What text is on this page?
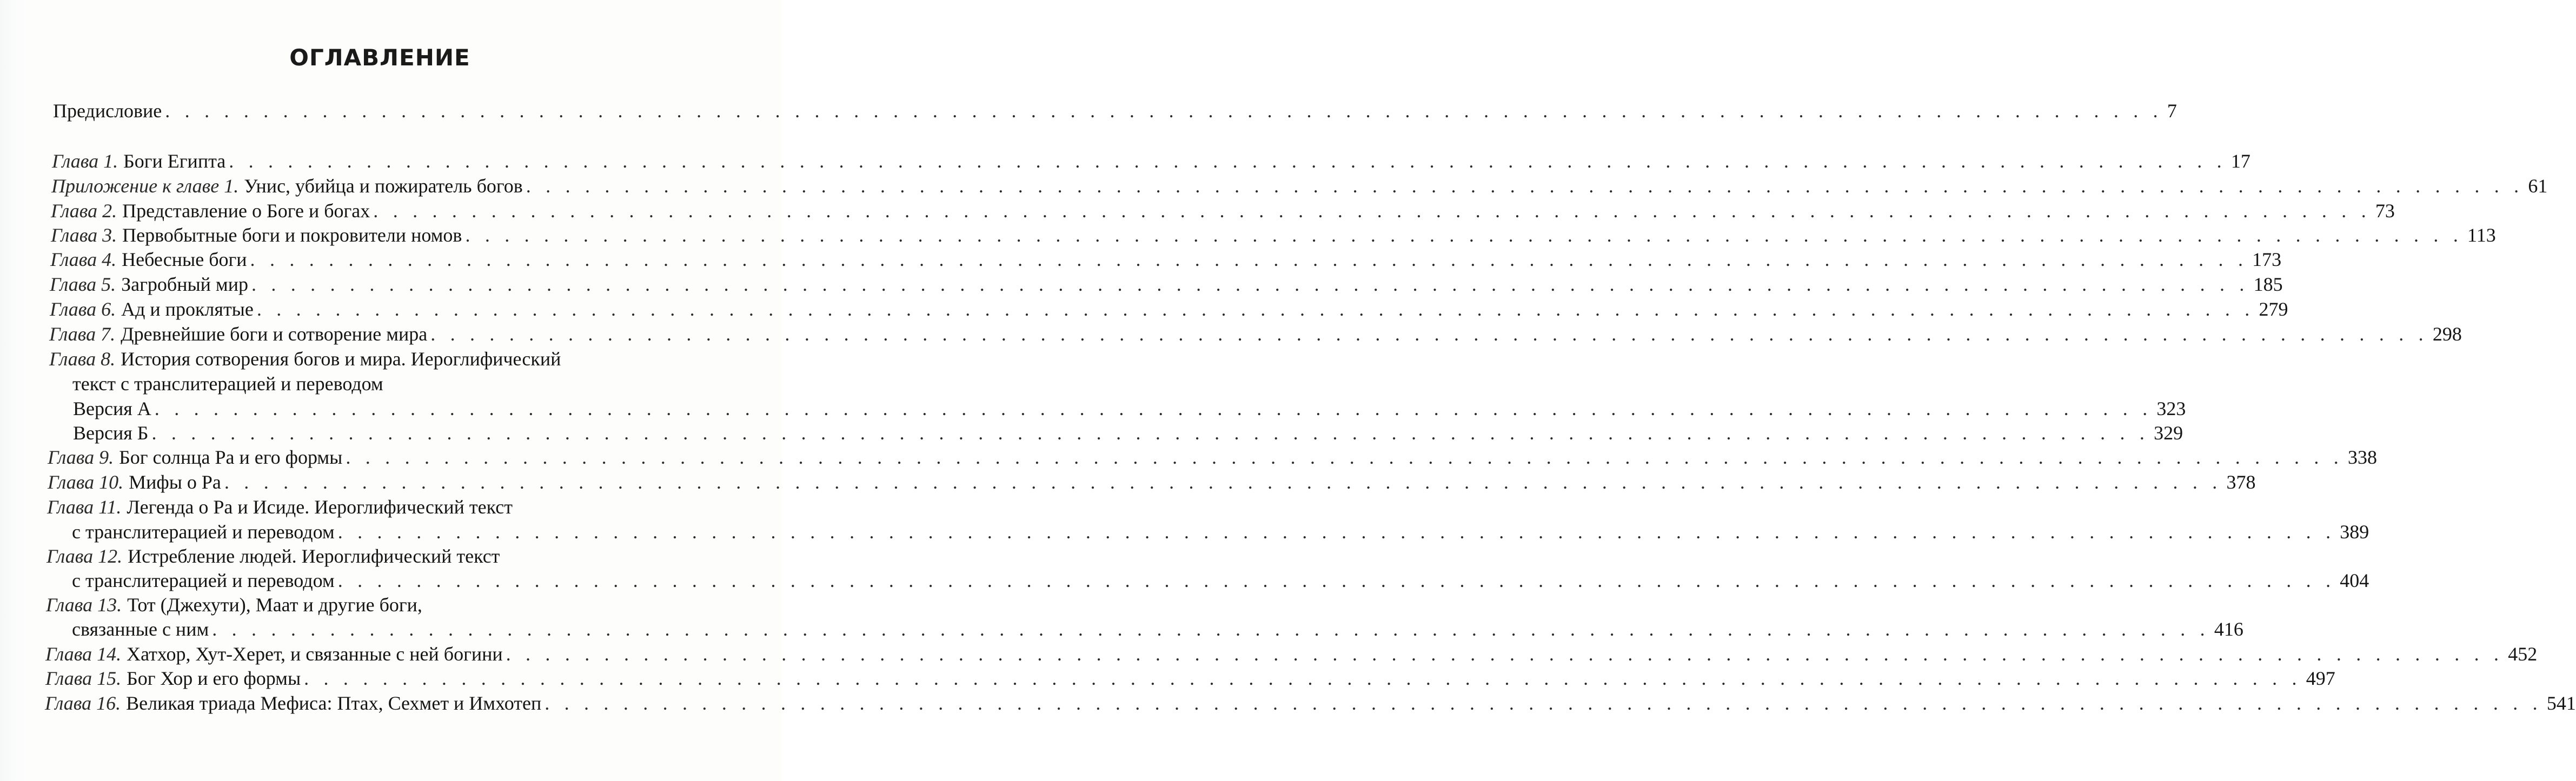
ОГЛАВЛЕНИЕ
Предисловие . . . . . . . . . . . . . . . . . . . . . . . . . . . . . . . . . . . . . . . . . . . . . . . . . . . . . . . . . . . . . . . . . . . . . . . . . . . . . . . . . . . . . . . . . . . . . . . . . . . . . . 7
Глава 1. Боги Египта . . . . . . . . . . . . . . . . . . . . . . . . . . . . . . . . . . . . . . . . . . . . . . . . . . . . . . . . . . . . . . . . . . . . . . . . . . . . . . . . . . . . . . . . . . . . . . . . . . . . . . 17
Приложение к главе 1. Унис, убийца и пожиратель богов . . . . . . . . . . . . . . . . . . . . . . . . . . . . . . . . . . . . . . . . . . . . . . . . . . . . . . . . . . . . . . . . . . . . . . . . . . . . . . . . . . . . . . . . . . . . . . . . . . . . . . 61
Глава 2. Представление о Боге и богах . . . . . . . . . . . . . . . . . . . . . . . . . . . . . . . . . . . . . . . . . . . . . . . . . . . . . . . . . . . . . . . . . . . . . . . . . . . . . . . . . . . . . . . . . . . . . . . . . . . . . . 73
Глава 3. Первобытные боги и покровители номов . . . . . . . . . . . . . . . . . . . . . . . . . . . . . . . . . . . . . . . . . . . . . . . . . . . . . . . . . . . . . . . . . . . . . . . . . . . . . . . . . . . . . . . . . . . . . . . . . . . . . . 113
Глава 4. Небесные боги . . . . . . . . . . . . . . . . . . . . . . . . . . . . . . . . . . . . . . . . . . . . . . . . . . . . . . . . . . . . . . . . . . . . . . . . . . . . . . . . . . . . . . . . . . . . . . . . . . . . . . 173
Глава 5. Загробный мир . . . . . . . . . . . . . . . . . . . . . . . . . . . . . . . . . . . . . . . . . . . . . . . . . . . . . . . . . . . . . . . . . . . . . . . . . . . . . . . . . . . . . . . . . . . . . . . . . . . . . . 185
Глава 6. Ад и проклятые . . . . . . . . . . . . . . . . . . . . . . . . . . . . . . . . . . . . . . . . . . . . . . . . . . . . . . . . . . . . . . . . . . . . . . . . . . . . . . . . . . . . . . . . . . . . . . . . . . . . . . 279
Глава 7. Древнейшие боги и сотворение мира . . . . . . . . . . . . . . . . . . . . . . . . . . . . . . . . . . . . . . . . . . . . . . . . . . . . . . . . . . . . . . . . . . . . . . . . . . . . . . . . . . . . . . . . . . . . . . . . . . . . . . 298
Глава 8. История сотворения богов и мира. Иероглифический
текст с транслитерацией и переводом
Версия А . . . . . . . . . . . . . . . . . . . . . . . . . . . . . . . . . . . . . . . . . . . . . . . . . . . . . . . . . . . . . . . . . . . . . . . . . . . . . . . . . . . . . . . . . . . . . . . . . . . . . . 323
Версия Б . . . . . . . . . . . . . . . . . . . . . . . . . . . . . . . . . . . . . . . . . . . . . . . . . . . . . . . . . . . . . . . . . . . . . . . . . . . . . . . . . . . . . . . . . . . . . . . . . . . . . . 329
Глава 9. Бог солнца Ра и его формы . . . . . . . . . . . . . . . . . . . . . . . . . . . . . . . . . . . . . . . . . . . . . . . . . . . . . . . . . . . . . . . . . . . . . . . . . . . . . . . . . . . . . . . . . . . . . . . . . . . . . . 338
Глава 10. Мифы о Ра . . . . . . . . . . . . . . . . . . . . . . . . . . . . . . . . . . . . . . . . . . . . . . . . . . . . . . . . . . . . . . . . . . . . . . . . . . . . . . . . . . . . . . . . . . . . . . . . . . . . . . 378
Глава 11. Легенда о Ра и Исиде. Иероглифический текст
с транслитерацией и переводом . . . . . . . . . . . . . . . . . . . . . . . . . . . . . . . . . . . . . . . . . . . . . . . . . . . . . . . . . . . . . . . . . . . . . . . . . . . . . . . . . . . . . . . . . . . . . . . . . . . . . . 389
Глава 12. Истребление людей. Иероглифический текст
с транслитерацией и переводом . . . . . . . . . . . . . . . . . . . . . . . . . . . . . . . . . . . . . . . . . . . . . . . . . . . . . . . . . . . . . . . . . . . . . . . . . . . . . . . . . . . . . . . . . . . . . . . . . . . . . . 404
Глава 13. Тот (Джехути), Маат и другие боги,
связанные с ним . . . . . . . . . . . . . . . . . . . . . . . . . . . . . . . . . . . . . . . . . . . . . . . . . . . . . . . . . . . . . . . . . . . . . . . . . . . . . . . . . . . . . . . . . . . . . . . . . . . . . . 416
Глава 14. Хатхор, Хут-Херет, и связанные с ней богини . . . . . . . . . . . . . . . . . . . . . . . . . . . . . . . . . . . . . . . . . . . . . . . . . . . . . . . . . . . . . . . . . . . . . . . . . . . . . . . . . . . . . . . . . . . . . . . . . . . . . . 452
Глава 15. Бог Хор и его формы . . . . . . . . . . . . . . . . . . . . . . . . . . . . . . . . . . . . . . . . . . . . . . . . . . . . . . . . . . . . . . . . . . . . . . . . . . . . . . . . . . . . . . . . . . . . . . . . . . . . . . 497
Глава 16. Великая триада Мефиса: Птах, Сехмет и Имхотеп . . . . . . . . . . . . . . . . . . . . . . . . . . . . . . . . . . . . . . . . . . . . . . . . . . . . . . . . . . . . . . . . . . . . . . . . . . . . . . . . . . . . . . . . . . . . . . . . . . . . . . 541
